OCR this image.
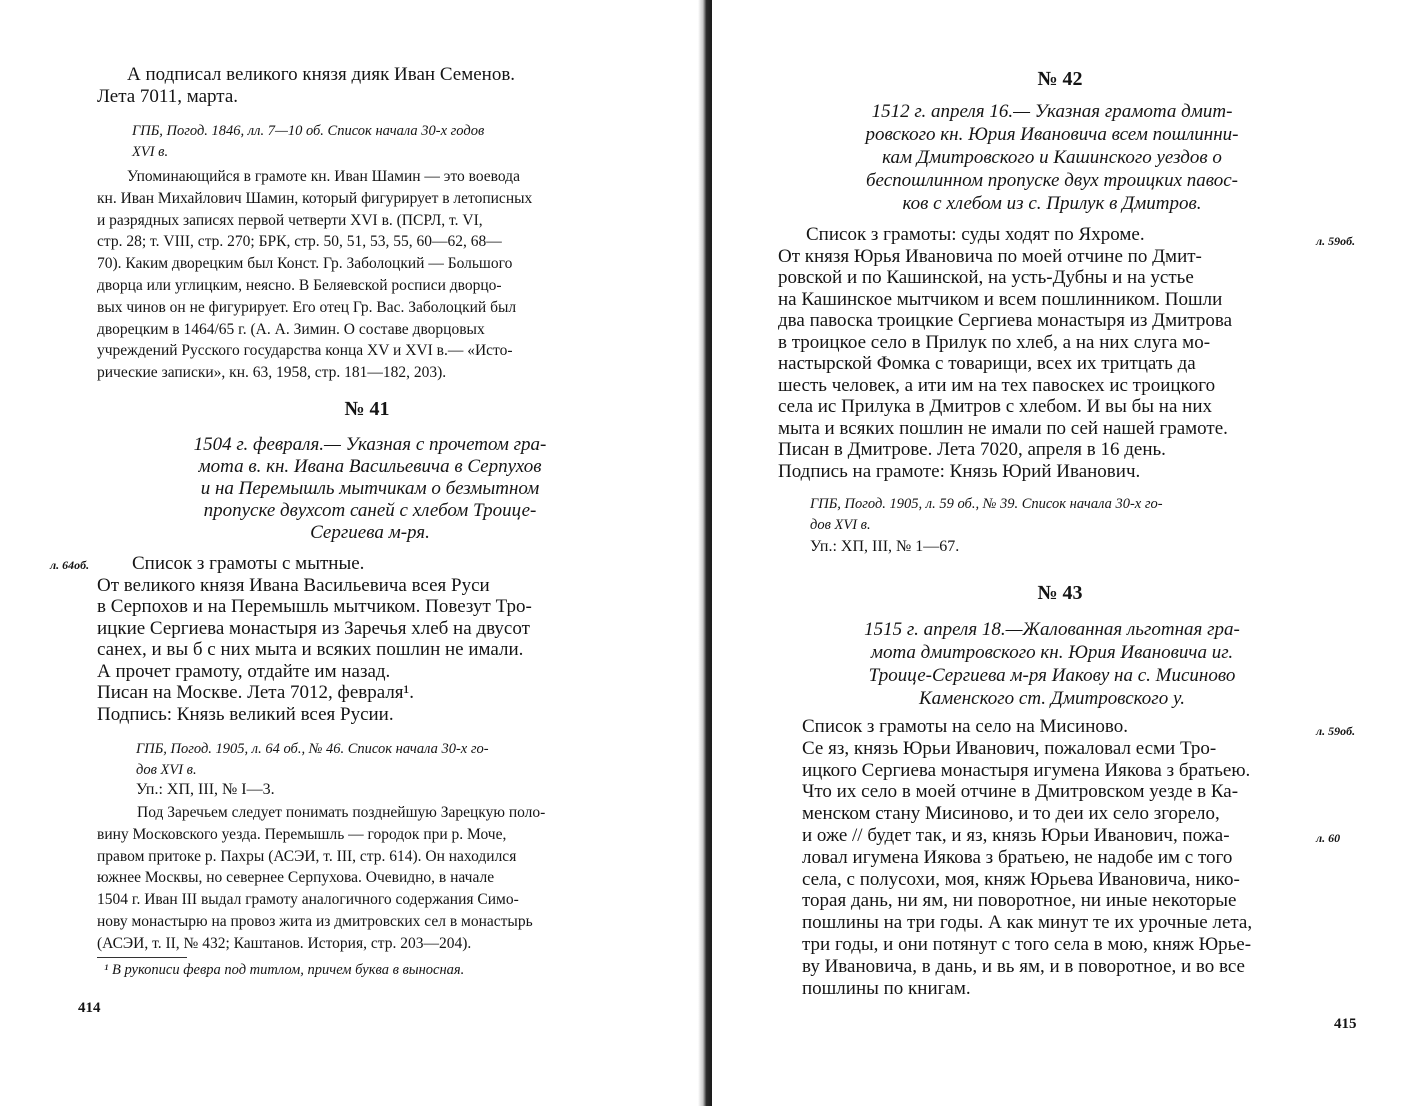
А подписал великого князя дияк Иван Семенов.
Лета 7011, марта.

ГПБ, Погод. 1846, лл. 7—10 об. Список начала 30-х годов
XVI в.

Упоминающийся в грамоте кн. Иван Шамин — это воевода
кн. Иван Михайлович Шамин, который фигурирует в летописных
и разрядных записях первой четверти XVI в. (ПСРЛ, т. VI,
стр. 28; т. VIII, стр. 270; БРК, стр. 50, 51, 53, 55, 60—62, 68—
70). Каким дворецким был Конст. Гр. Заболоцкий — Большого
дворца или углицким, неясно. В Беляевской росписи дворцо-
вых чинов он не фигурирует. Его отец Гр. Вас. Заболоцкий был
дворецким в 1464/65 г. (А. А. Зимин. О составе дворцовых
учреждений Русского государства конца XV и XVI в.— «Исто-
рические записки», кн. 63, 1958, стр. 181—182, 203).

№ 41

1504 г. февраля.— Указная с прочетом гра-
мота в. кн. Ивана Васильевича в Серпухов
и на Перемышль мытчикам о безмытном
пропуске двухсот саней с хлебом Троице-
Сергиева м-ря.

л. 64об.	Список з грамоты с мытные.
От великого князя Ивана Васильевича всея Руси
в Серпохов и на Перемышль мытчиком. Повезут Тро-
ицкие Сергиева монастыря из Заречья хлеб на двусот
санех, и вы б с них мыта и всяких пошлин не имали.
А прочет грамоту, отдайте им назад.
Писан на Москве. Лета 7012, февраля¹.
Подпись: Князь великий всея Русии.

ГПБ, Погод. 1905, л. 64 об., № 46. Список начала 30-х го-
дов XVI в.

Уп.: ХП, III, № I—3.

Под Заречьем следует понимать позднейшую Зарецкую поло-
вину Московского уезда. Перемышль — городок при р. Моче,
правом притоке р. Пахры (АСЭИ, т. III, стр. 614). Он находился
южнее Москвы, но севернее Серпухова. Очевидно, в начале
1504 г. Иван III выдал грамоту аналогичного содержания Симо-
нову монастырю на провоз жита из дмитровских сел в монастырь
(АСЭИ, т. II, № 432; Каштанов. История, стр. 203—204).

¹ В рукописи феврa под титлом, причем буква в выносная.

414

№ 42

1512 г. апреля 16.— Указная грамота дмит-
ровского кн. Юрия Ивановича всем пошлинни-
кам Дмитровского и Кашинского уездов о
беспошлинном пропуске двух троицких павос-
ков с хлебом из с. Прилук в Дмитров.

л. 59об.

Список з грамоты: суды ходят по Яхроме.
От князя Юрья Ивановича по моей отчине по Дмит-
ровской и по Кашинской, на усть-Дубны и на устье
на Кашинское мытчиком и всем пошлинником. Пошли
два павоска троицкие Сергиева монастыря из Дмитрова
в троицкое село в Прилук по хлеб, а на них слуга мо-
настырской Фомка с товарищи, всех их тритцать да
шесть человек, а ити им на тех павоскех ис троицкого
села ис Прилука в Дмитров с хлебом. И вы бы на них
мыта и всяких пошлин не имали по сей нашей грамоте.
Писан в Дмитрове. Лета 7020, апреля в 16 день.
Подпись на грамоте: Князь Юрий Иванович.

ГПБ, Погод. 1905, л. 59 об., № 39. Список начала 30-х го-
дов XVI в.

Уп.: ХП, III, № 1—67.

№ 43

1515 г. апреля 18.—Жалованная льготная гра-
мота дмитровского кн. Юрия Ивановича иг.
Троице-Сергиева м-ря Иакову на с. Мисиново
Каменского ст. Дмитровского у.

л. 59об.
л. 60

Список з грамоты на село на Мисиново.
Се яз, князь Юрьи Иванович, пожаловал есми Тро-
ицкого Сергиева монастыря игумена Иякова з братьею.
Что их село в моей отчине в Дмитровском уезде в Ка-
менском стану Мисиново, и то деи их село згорело,
и оже // будет так, и яз, князь Юрьи Иванович, пожа-
ловал игумена Иякова з братьею, не надобе им с того
села, с полусохи, моя, княж Юрьева Ивановича, нико-
торая дань, ни ям, ни поворотное, ни иные некоторые
пошлины на три годы. А как минут те их урочные лета,
три годы, и они потянут с того села в мою, княж Юрье-
ву Ивановича, в дань, и вь ям, и в поворотное, и во все
пошлины по книгам.

415
